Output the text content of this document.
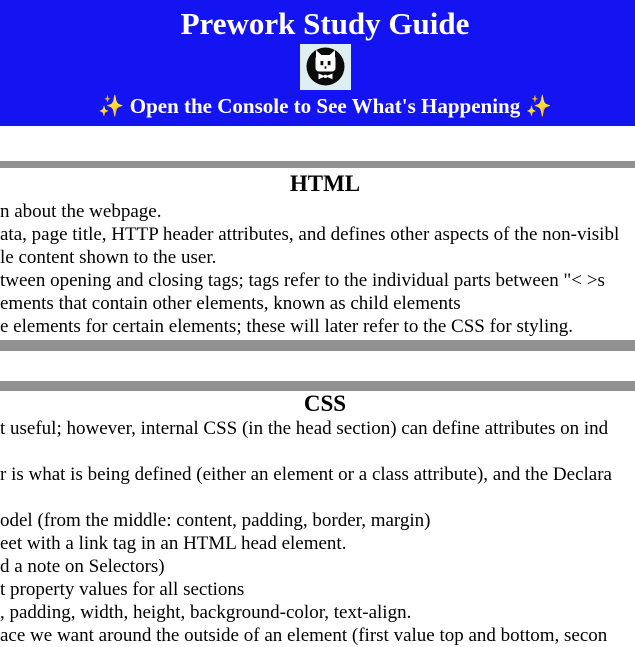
Prework Study Guide
✨ Open the Console to See What's Happening ✨
HTML
n about the webpage.
ata, page title, HTTP header attributes, and defines other aspects of the non-visibl
le content shown to the user.
tween opening and closing tags; tags refer to the individual parts between "< >s
ements that contain other elements, known as child elements
e elements for certain elements; these will later refer to the CSS for styling.
CSS
t useful; however, internal CSS (in the head section) can define attributes on ind
r is what is being defined (either an element or a class attribute), and the Declara
odel (from the middle: content, padding, border, margin)
eet with a link tag in an HTML head element.
d a note on Selectors)
t property values for all sections
, padding, width, height, background-color, text-align.
ace we want around the outside of an element (first value top and bottom, secon
